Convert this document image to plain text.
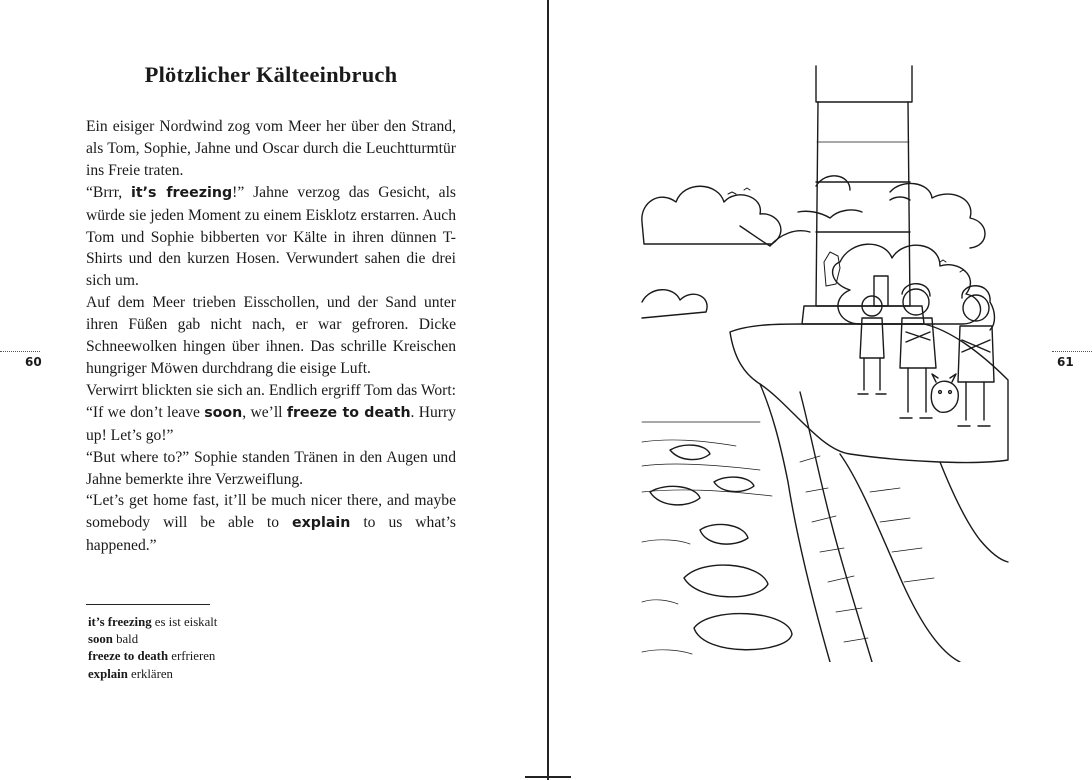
60
Plötzlicher Kälteeinbruch

Ein eisiger Nordwind zog vom Meer her über den Strand, als Tom, Sophie, Jahne und Oscar durch die Leuchtturmtür ins Freie traten.

“Brrr, it’s freezing!” Jahne verzog das Gesicht, als würde sie jeden Moment zu einem Eisklotz erstarren. Auch Tom und Sophie bibberten vor Kälte in ihren dünnen T-Shirts und den kurzen Hosen. Verwundert sahen die drei sich um.

Auf dem Meer trieben Eisschollen, und der Sand unter ihren Füßen gab nicht nach, er war gefroren. Dicke Schneewolken hingen über ihnen. Das schrille Kreischen hungriger Möwen durchdrang die eisige Luft.

Verwirrt blickten sie sich an. Endlich ergriff Tom das Wort: “If we don’t leave soon, we’ll freeze to death. Hurry up! Let’s go!”

“But where to?” Sophie standen Tränen in den Augen und Jahne bemerkte ihre Verzweiflung.

“Let’s get home fast, it’ll be much nicer there, and maybe somebody will be able to explain to us what’s happened.”

it’s freezing es ist eiskalt
soon bald
freeze to death erfrieren
explain erklären
61
